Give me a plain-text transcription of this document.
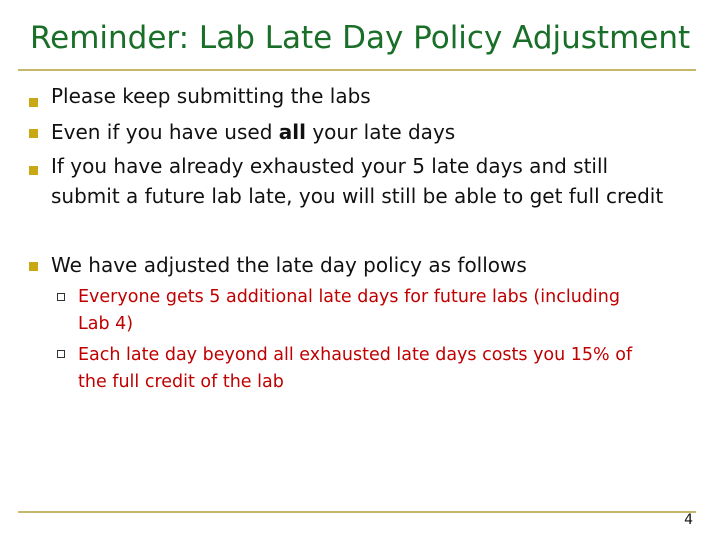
Reminder: Lab Late Day Policy Adjustment
Please keep submitting the labs
Even if you have used all your late days
If you have already exhausted your 5 late days and still
submit a future lab late, you will still be able to get full credit
We have adjusted the late day policy as follows
Everyone gets 5 additional late days for future labs (including
Lab 4)
Each late day beyond all exhausted late days costs you 15% of
the full credit of the lab
4
